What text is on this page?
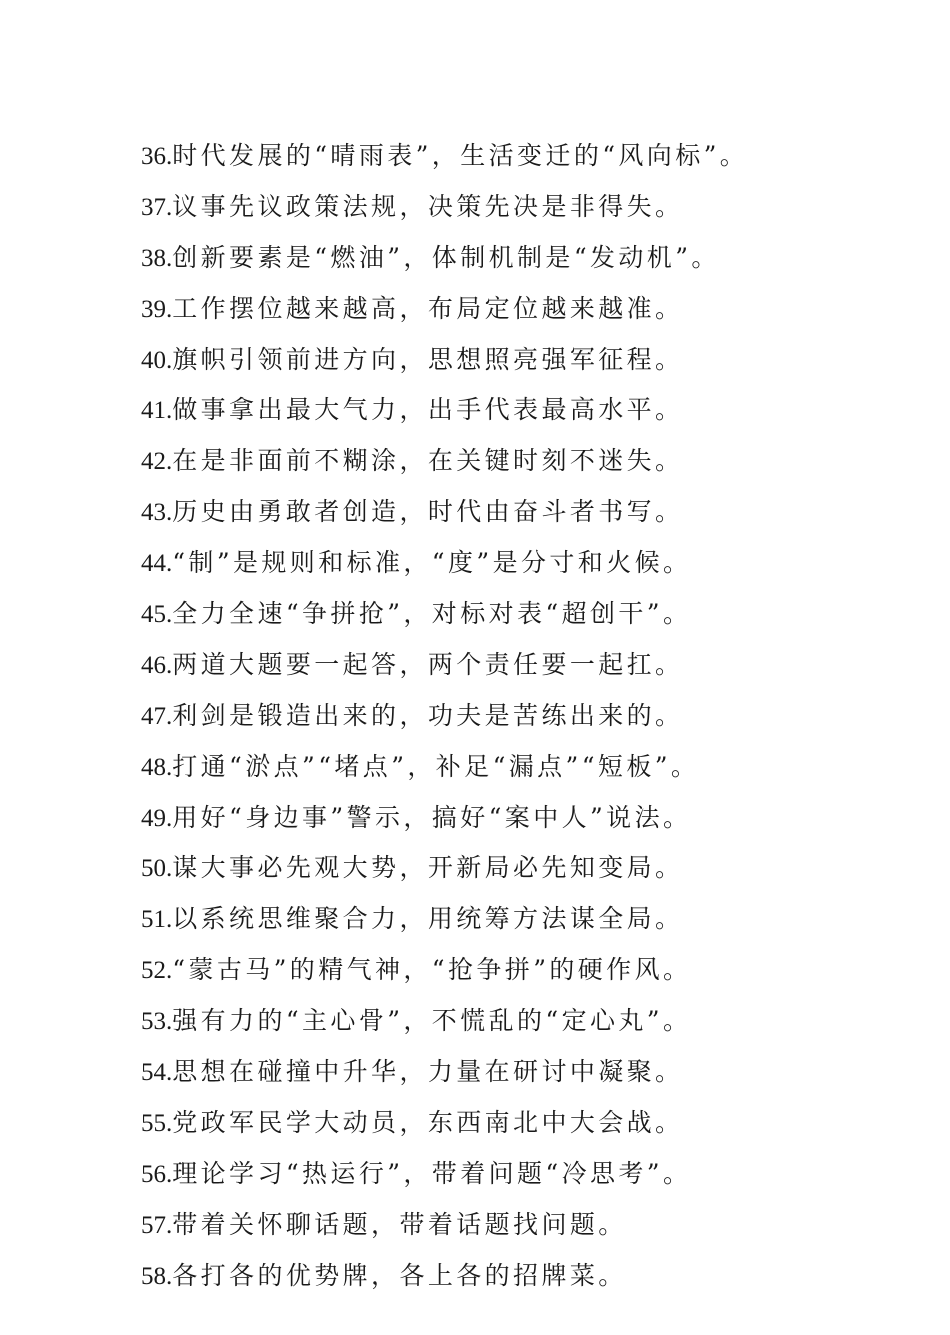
36.时代发展的“晴雨表”，生活变迁的“风向标”。
37.议事先议政策法规，决策先决是非得失。
38.创新要素是“燃油”，体制机制是“发动机”。
39.工作摆位越来越高，布局定位越来越准。
40.旗帜引领前进方向，思想照亮强军征程。
41.做事拿出最大气力，出手代表最高水平。
42.在是非面前不糊涂，在关键时刻不迷失。
43.历史由勇敢者创造，时代由奋斗者书写。
44.“制”是规则和标准，“度”是分寸和火候。
45.全力全速“争拼抢”，对标对表“超创干”。
46.两道大题要一起答，两个责任要一起扛。
47.利剑是锻造出来的，功夫是苦练出来的。
48.打通“淤点”“堵点”，补足“漏点”“短板”。
49.用好“身边事”警示，搞好“案中人”说法。
50.谋大事必先观大势，开新局必先知变局。
51.以系统思维聚合力，用统筹方法谋全局。
52.“蒙古马”的精气神，“抢争拼”的硬作风。
53.强有力的“主心骨”，不慌乱的“定心丸”。
54.思想在碰撞中升华，力量在研讨中凝聚。
55.党政军民学大动员，东西南北中大会战。
56.理论学习“热运行”，带着问题“冷思考”。
57.带着关怀聊话题，带着话题找问题。
58.各打各的优势牌，各上各的招牌菜。
